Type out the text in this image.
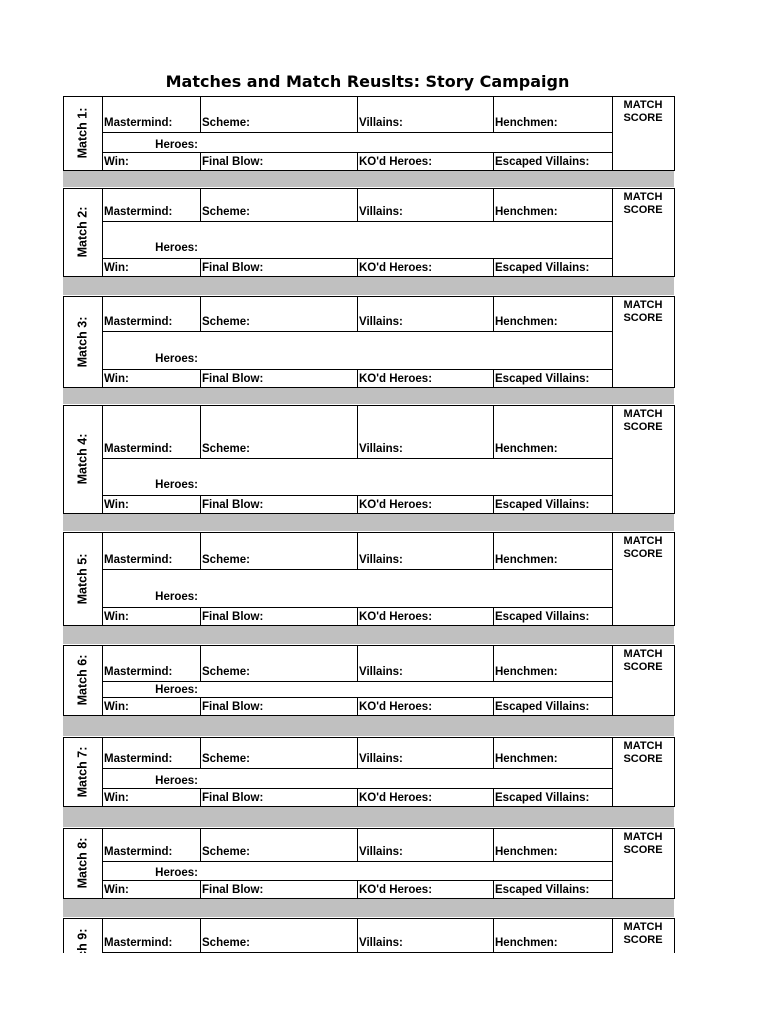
Matches and Match Reuslts: Story Campaign
Match 1:
MATCH
SCORE
Mastermind:	Scheme:	Villains:	Henchmen:
Heroes:
Win:	Final Blow:	KO'd Heroes:	Escaped Villains:
Match 2:
MATCH
SCORE
Mastermind:	Scheme:	Villains:	Henchmen:
Heroes:
Win:	Final Blow:	KO'd Heroes:	Escaped Villains:
Match 3:
MATCH
SCORE
Mastermind:	Scheme:	Villains:	Henchmen:
Heroes:
Win:	Final Blow:	KO'd Heroes:	Escaped Villains:
Match 4:
MATCH
SCORE
Mastermind:	Scheme:	Villains:	Henchmen:
Heroes:
Win:	Final Blow:	KO'd Heroes:	Escaped Villains:
Match 5:
MATCH
SCORE
Mastermind:	Scheme:	Villains:	Henchmen:
Heroes:
Win:	Final Blow:	KO'd Heroes:	Escaped Villains:
Match 6:
MATCH
SCORE
Mastermind:	Scheme:	Villains:	Henchmen:
Heroes:
Win:	Final Blow:	KO'd Heroes:	Escaped Villains:
Match 7:
MATCH
SCORE
Mastermind:	Scheme:	Villains:	Henchmen:
Heroes:
Win:	Final Blow:	KO'd Heroes:	Escaped Villains:
Match 8:
MATCH
SCORE
Mastermind:	Scheme:	Villains:	Henchmen:
Heroes:
Win:	Final Blow:	KO'd Heroes:	Escaped Villains:
MATCH
SCORE
Mastermind:	Scheme:	Villains:	Henchmen:
